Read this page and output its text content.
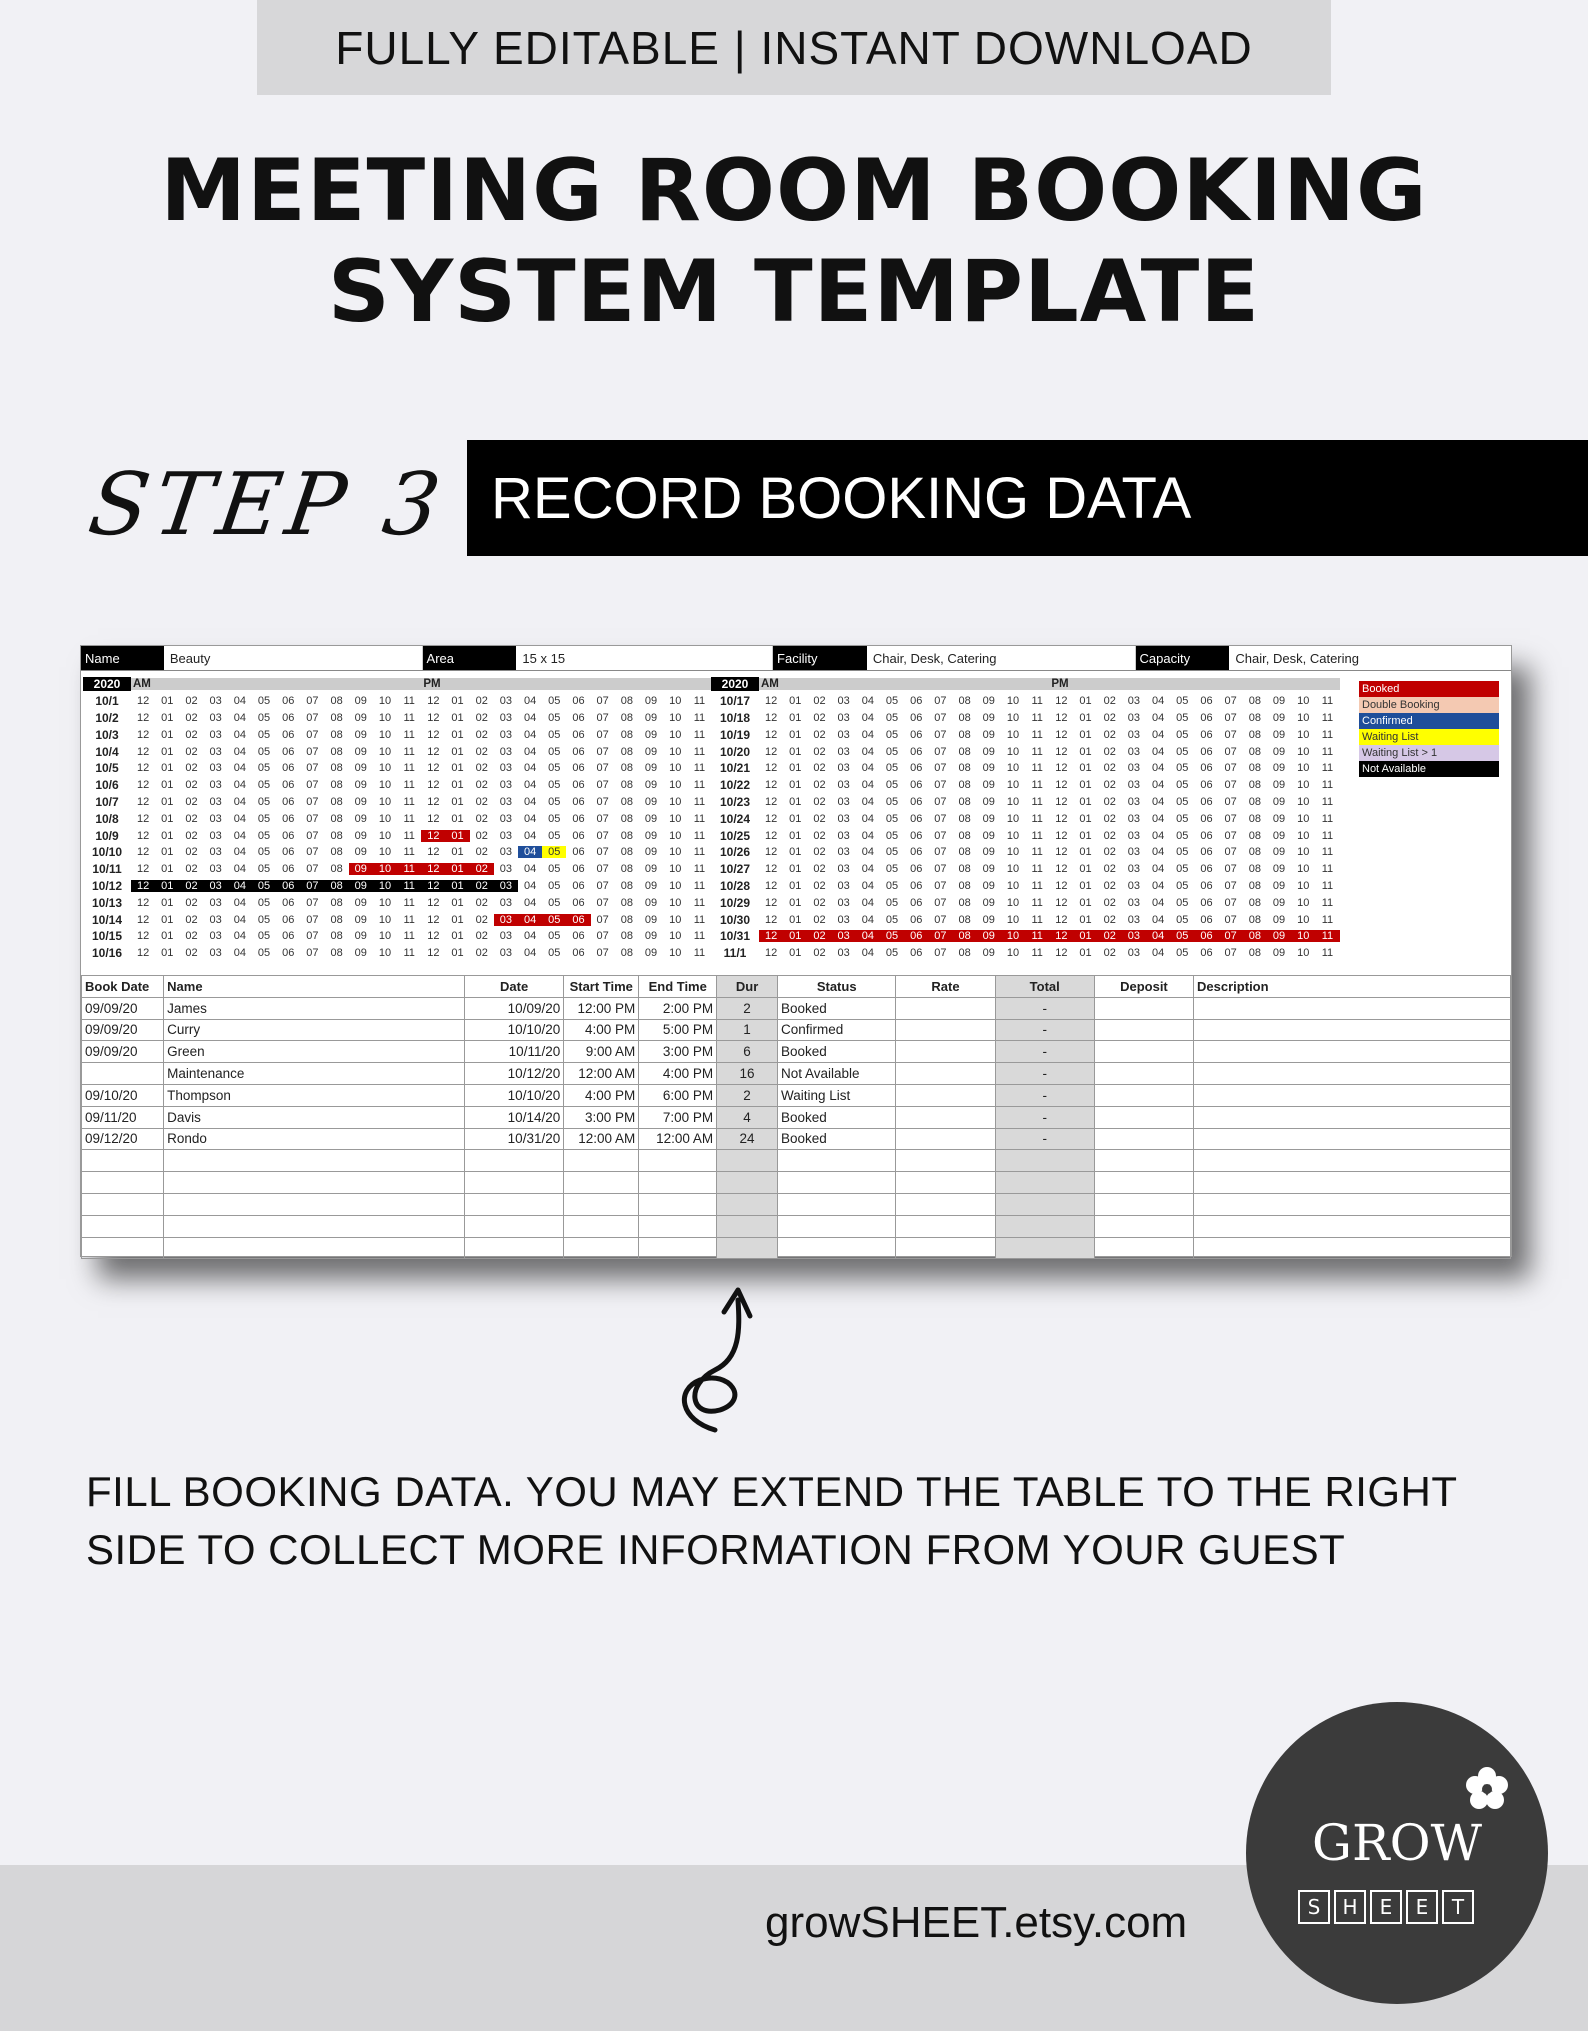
FULLY EDITABLE | INSTANT DOWNLOAD
MEETING ROOM BOOKING
SYSTEM TEMPLATE
STEP 3 RECORD BOOKING DATA
Name	Beauty	Area	15 x 15	Facility	Chair, Desk, Catering	Capacity	Chair, Desk, Catering
2020	AM	PM
10/1	12	01	02	03	04	05	06	07	08	09	10	11	12	01	02	03	04	05	06	07	08	09	10	11
10/2	12	01	02	03	04	05	06	07	08	09	10	11	12	01	02	03	04	05	06	07	08	09	10	11
10/3	12	01	02	03	04	05	06	07	08	09	10	11	12	01	02	03	04	05	06	07	08	09	10	11
10/4	12	01	02	03	04	05	06	07	08	09	10	11	12	01	02	03	04	05	06	07	08	09	10	11
10/5	12	01	02	03	04	05	06	07	08	09	10	11	12	01	02	03	04	05	06	07	08	09	10	11
10/6	12	01	02	03	04	05	06	07	08	09	10	11	12	01	02	03	04	05	06	07	08	09	10	11
10/7	12	01	02	03	04	05	06	07	08	09	10	11	12	01	02	03	04	05	06	07	08	09	10	11
10/8	12	01	02	03	04	05	06	07	08	09	10	11	12	01	02	03	04	05	06	07	08	09	10	11
10/9	12	01	02	03	04	05	06	07	08	09	10	11	12	01	02	03	04	05	06	07	08	09	10	11
10/10	12	01	02	03	04	05	06	07	08	09	10	11	12	01	02	03	04	05	06	07	08	09	10	11
10/11	12	01	02	03	04	05	06	07	08	09	10	11	12	01	02	03	04	05	06	07	08	09	10	11
10/12	12	01	02	03	04	05	06	07	08	09	10	11	12	01	02	03	04	05	06	07	08	09	10	11
10/13	12	01	02	03	04	05	06	07	08	09	10	11	12	01	02	03	04	05	06	07	08	09	10	11
10/14	12	01	02	03	04	05	06	07	08	09	10	11	12	01	02	03	04	05	06	07	08	09	10	11
10/15	12	01	02	03	04	05	06	07	08	09	10	11	12	01	02	03	04	05	06	07	08	09	10	11
10/16	12	01	02	03	04	05	06	07	08	09	10	11	12	01	02	03	04	05	06	07	08	09	10	11
2020	AM	PM
10/17	12	01	02	03	04	05	06	07	08	09	10	11	12	01	02	03	04	05	06	07	08	09	10	11
10/18	12	01	02	03	04	05	06	07	08	09	10	11	12	01	02	03	04	05	06	07	08	09	10	11
10/19	12	01	02	03	04	05	06	07	08	09	10	11	12	01	02	03	04	05	06	07	08	09	10	11
10/20	12	01	02	03	04	05	06	07	08	09	10	11	12	01	02	03	04	05	06	07	08	09	10	11
10/21	12	01	02	03	04	05	06	07	08	09	10	11	12	01	02	03	04	05	06	07	08	09	10	11
10/22	12	01	02	03	04	05	06	07	08	09	10	11	12	01	02	03	04	05	06	07	08	09	10	11
10/23	12	01	02	03	04	05	06	07	08	09	10	11	12	01	02	03	04	05	06	07	08	09	10	11
10/24	12	01	02	03	04	05	06	07	08	09	10	11	12	01	02	03	04	05	06	07	08	09	10	11
10/25	12	01	02	03	04	05	06	07	08	09	10	11	12	01	02	03	04	05	06	07	08	09	10	11
10/26	12	01	02	03	04	05	06	07	08	09	10	11	12	01	02	03	04	05	06	07	08	09	10	11
10/27	12	01	02	03	04	05	06	07	08	09	10	11	12	01	02	03	04	05	06	07	08	09	10	11
10/28	12	01	02	03	04	05	06	07	08	09	10	11	12	01	02	03	04	05	06	07	08	09	10	11
10/29	12	01	02	03	04	05	06	07	08	09	10	11	12	01	02	03	04	05	06	07	08	09	10	11
10/30	12	01	02	03	04	05	06	07	08	09	10	11	12	01	02	03	04	05	06	07	08	09	10	11
10/31	12	01	02	03	04	05	06	07	08	09	10	11	12	01	02	03	04	05	06	07	08	09	10	11
11/1	12	01	02	03	04	05	06	07	08	09	10	11	12	01	02	03	04	05	06	07	08	09	10	11
Booked
Double Booking
Confirmed
Waiting List
Waiting List > 1
Not Available
Book Date	Name	Date	Start Time	End Time	Dur	Status	Rate	Total	Deposit	Description
09/09/20	James	10/09/20	12:00 PM	2:00 PM	2	Booked		-		
09/09/20	Curry	10/10/20	4:00 PM	5:00 PM	1	Confirmed		-		
09/09/20	Green	10/11/20	9:00 AM	3:00 PM	6	Booked		-		
	Maintenance	10/12/20	12:00 AM	4:00 PM	16	Not Available		-		
09/10/20	Thompson	10/10/20	4:00 PM	6:00 PM	2	Waiting List		-		
09/11/20	Davis	10/14/20	3:00 PM	7:00 PM	4	Booked		-		
09/12/20	Rondo	10/31/20	12:00 AM	12:00 AM	24	Booked		-		

FILL BOOKING DATA. YOU MAY EXTEND THE TABLE TO THE RIGHT
SIDE TO COLLECT MORE INFORMATION FROM YOUR GUEST
growSHEET.etsy.com
GROW
S	H	E	E	T
